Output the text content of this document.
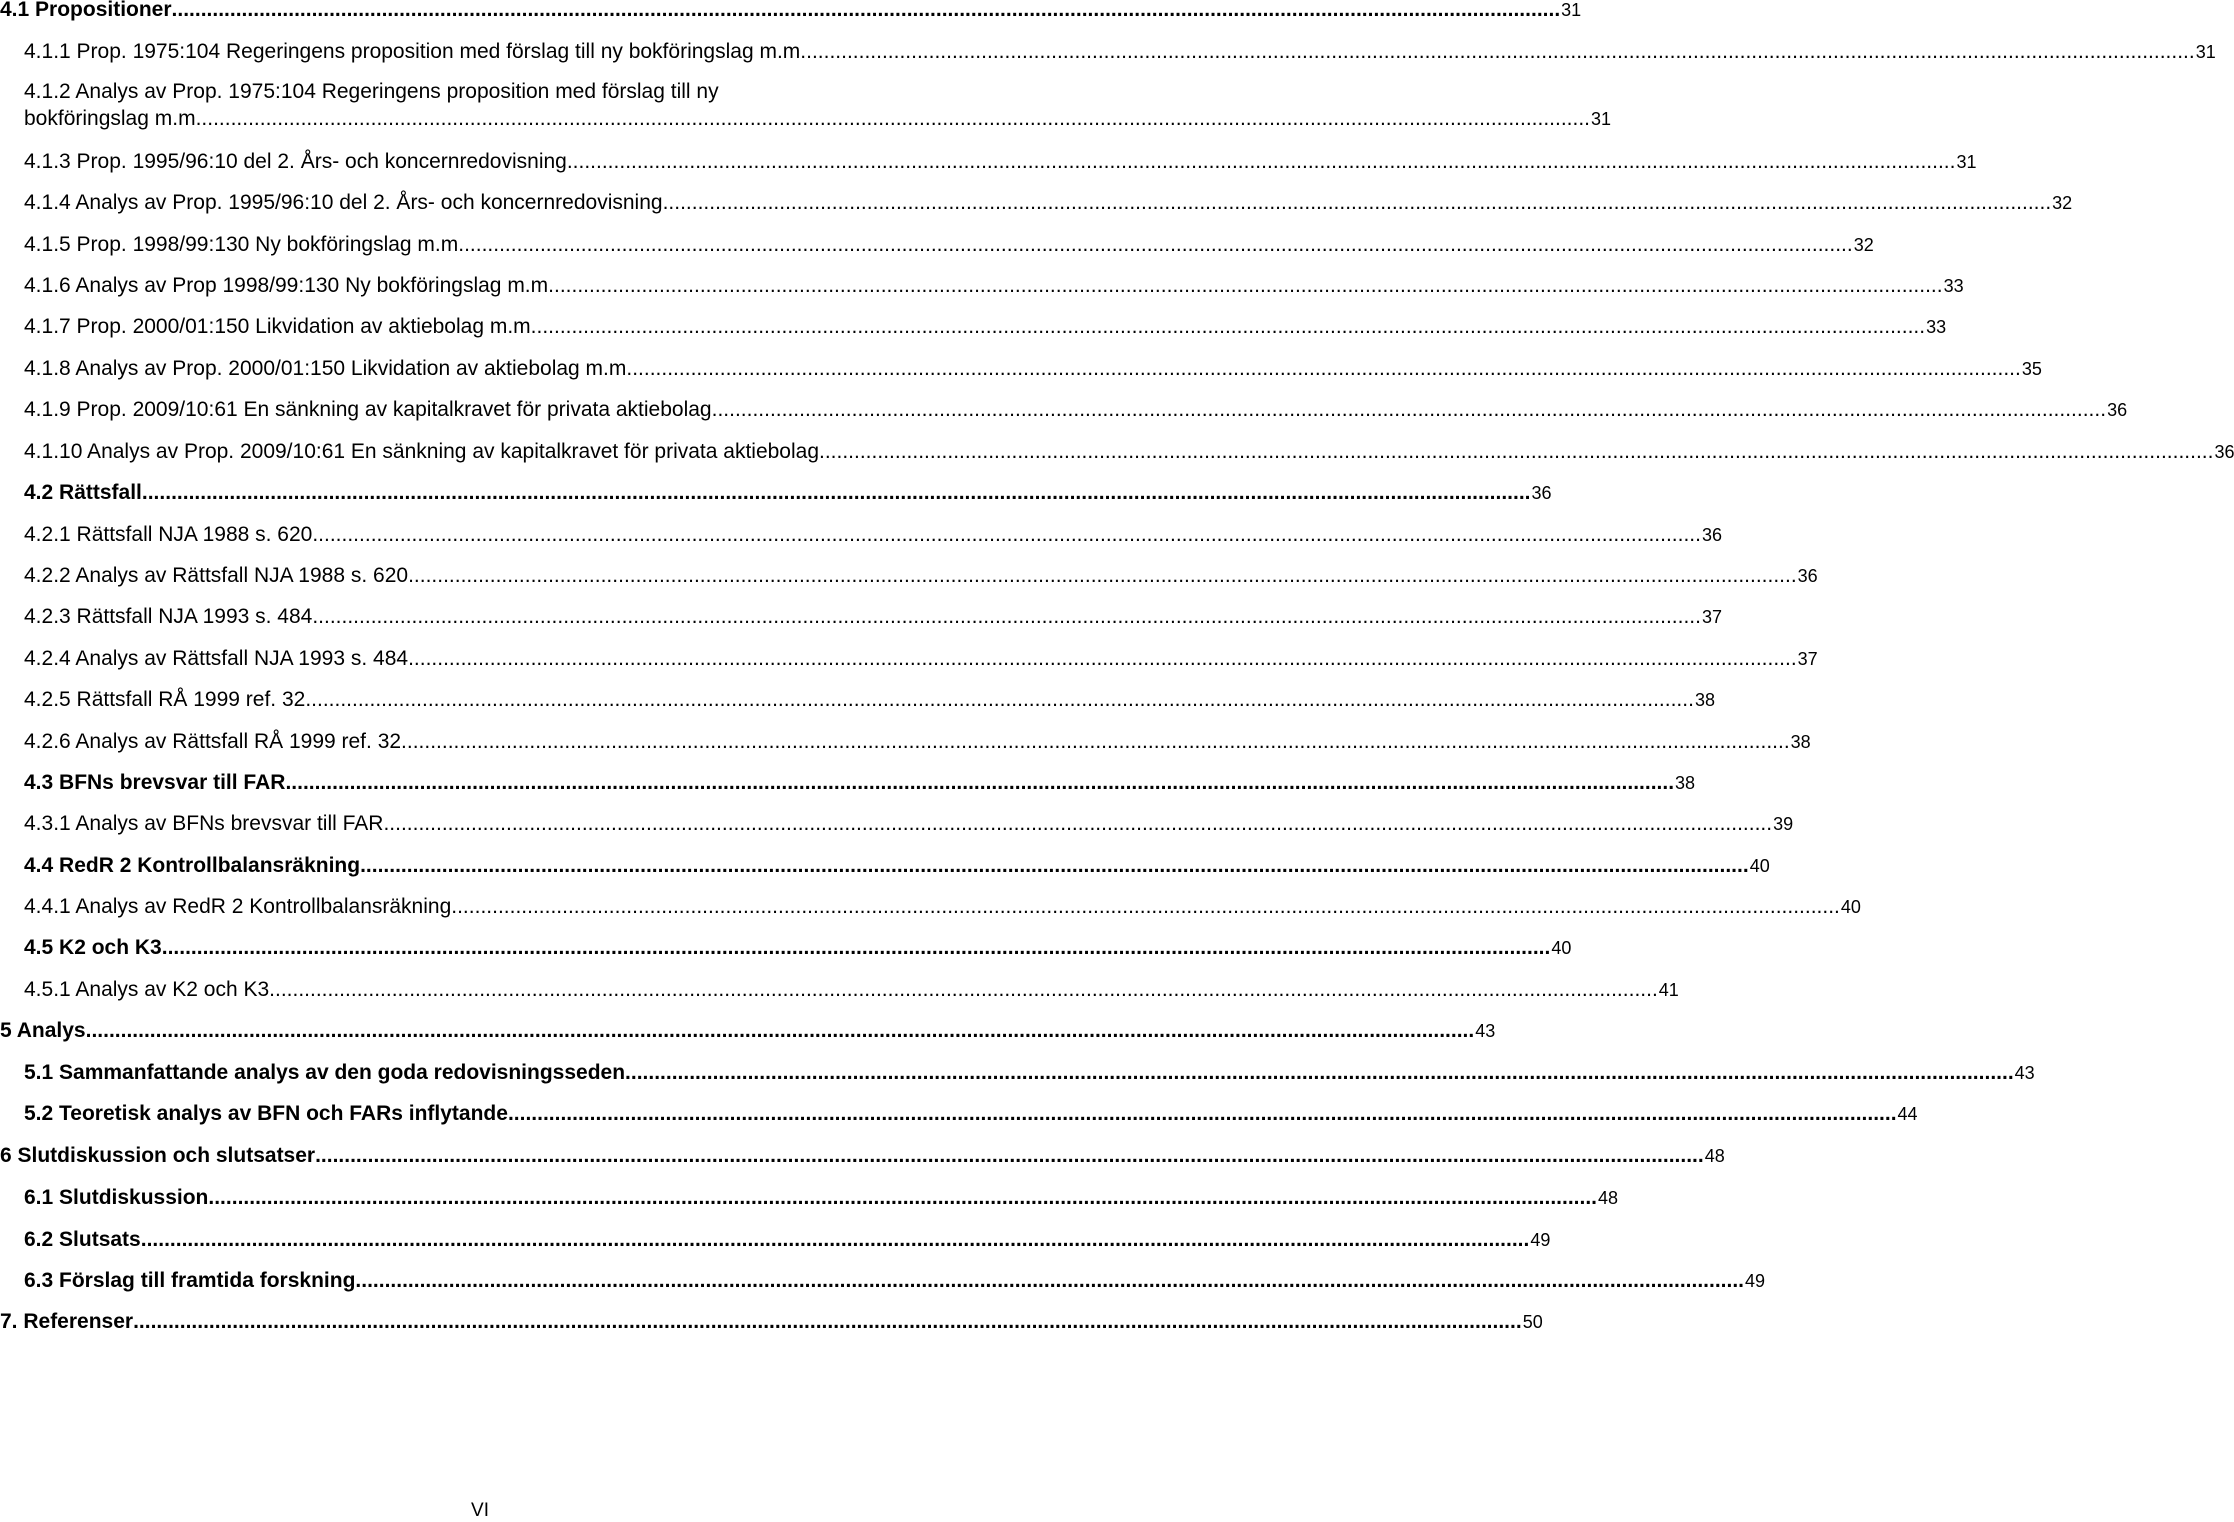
4.1 Propositioner .....	31
4.1.1 Prop. 1975:104 Regeringens proposition med förslag till ny bokföringslag m.m. .....	31
4.1.2 Analys av Prop. 1975:104 Regeringens proposition med förslag till ny
bokföringslag m.m. .....	31
4.1.3 Prop. 1995/96:10 del 2. Års- och koncernredovisning .....	31
4.1.4 Analys av Prop. 1995/96:10 del 2. Års- och koncernredovisning .....	32
4.1.5 Prop. 1998/99:130 Ny bokföringslag m.m. .....	32
4.1.6 Analys av Prop 1998/99:130 Ny bokföringslag m.m. .....	33
4.1.7 Prop. 2000/01:150 Likvidation av aktiebolag m.m. .....	33
4.1.8 Analys av Prop. 2000/01:150 Likvidation av aktiebolag m.m. .....	35
4.1.9 Prop. 2009/10:61 En sänkning av kapitalkravet för privata aktiebolag. .....	36
4.1.10 Analys av Prop. 2009/10:61 En sänkning av kapitalkravet för privata aktiebolag. .....	36
4.2 Rättsfall .....	36
4.2.1 Rättsfall NJA 1988 s. 620 .....	36
4.2.2 Analys av Rättsfall NJA 1988 s. 620 .....	36
4.2.3 Rättsfall NJA 1993 s. 484 .....	37
4.2.4 Analys av Rättsfall NJA 1993 s. 484 .....	37
4.2.5 Rättsfall RÅ 1999 ref. 32 .....	38
4.2.6 Analys av Rättsfall RÅ 1999 ref. 32 .....	38
4.3 BFNs brevsvar till FAR .....	38
4.3.1 Analys av BFNs brevsvar till FAR .....	39
4.4 RedR 2 Kontrollbalansräkning .....	40
4.4.1 Analys av RedR 2 Kontrollbalansräkning .....	40
4.5 K2 och K3 .....	40
4.5.1 Analys av K2 och K3 .....	41
5 Analys .....	43
5.1 Sammanfattande analys av den goda redovisningsseden .....	43
5.2 Teoretisk analys av BFN och FARs inflytande .....	44
6 Slutdiskussion och slutsatser .....	48
6.1 Slutdiskussion .....	48
6.2 Slutsats .....	49
6.3 Förslag till framtida forskning .....	49
7. Referenser .....	50
VI
